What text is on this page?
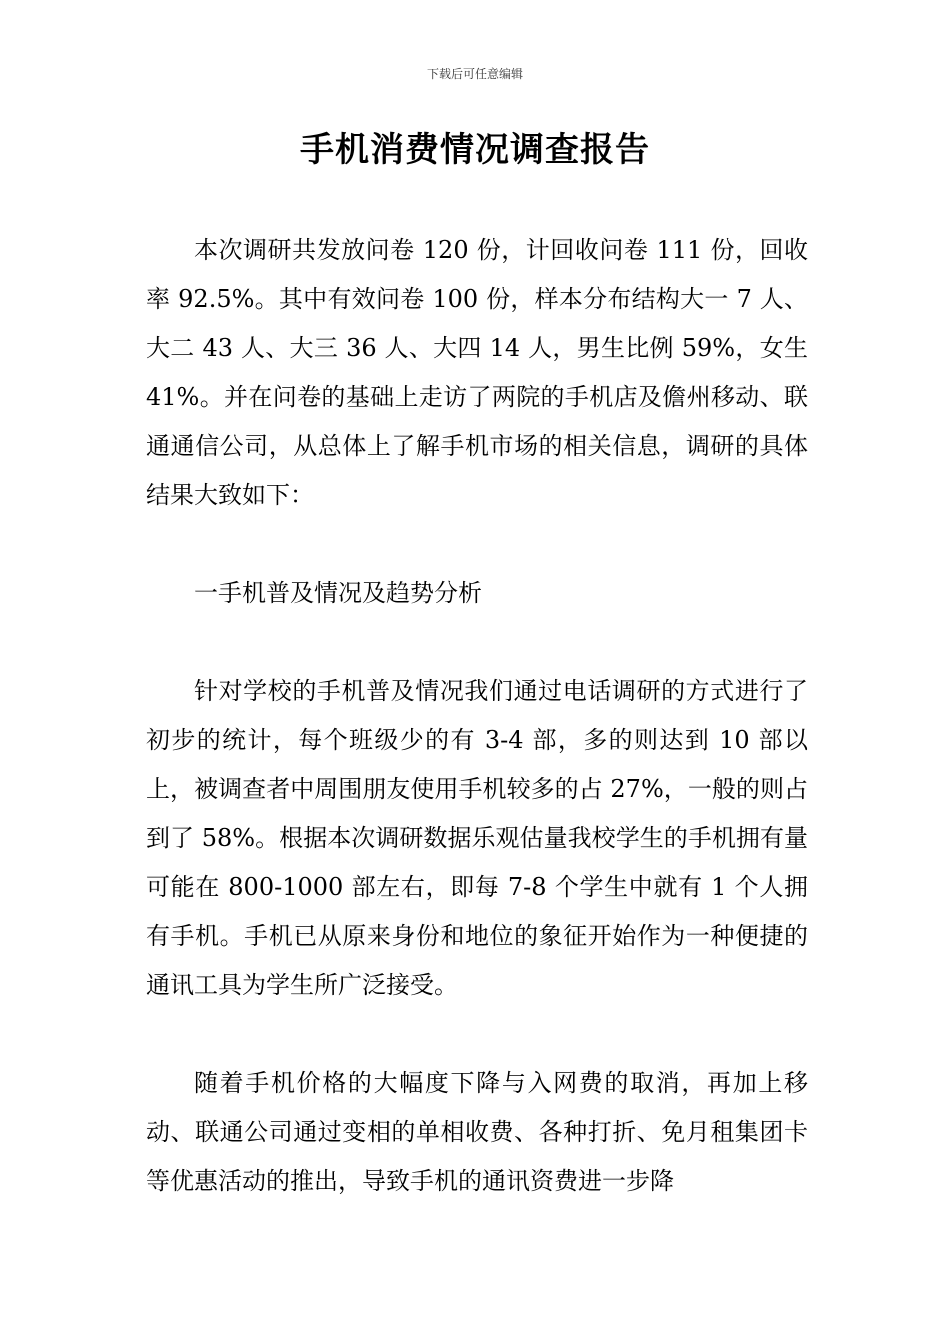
下载后可任意编辑
手机消费情况调查报告

本次调研共发放问卷 120 份，计回收问卷 111 份，回收率 92.5%。其中有效问卷 100 份，样本分布结构大一 7 人、大二 43 人、大三 36 人、大四 14 人，男生比例 59%，女生 41%。并在问卷的基础上走访了两院的手机店及儋州移动、联通通信公司，从总体上了解手机市场的相关信息，调研的具体结果大致如下：

一手机普及情况及趋势分析

针对学校的手机普及情况我们通过电话调研的方式进行了初步的统计，每个班级少的有 3-4 部，多的则达到 10 部以上，被调查者中周围朋友使用手机较多的占 27%，一般的则占到了 58%。根据本次调研数据乐观估量我校学生的手机拥有量可能在 800-1000 部左右，即每 7-8 个学生中就有 1 个人拥有手机。手机已从原来身份和地位的象征开始作为一种便捷的通讯工具为学生所广泛接受。

随着手机价格的大幅度下降与入网费的取消，再加上移动、联通公司通过变相的单相收费、各种打折、免月租集团卡等优惠活动的推出，导致手机的通讯资费进一步降
